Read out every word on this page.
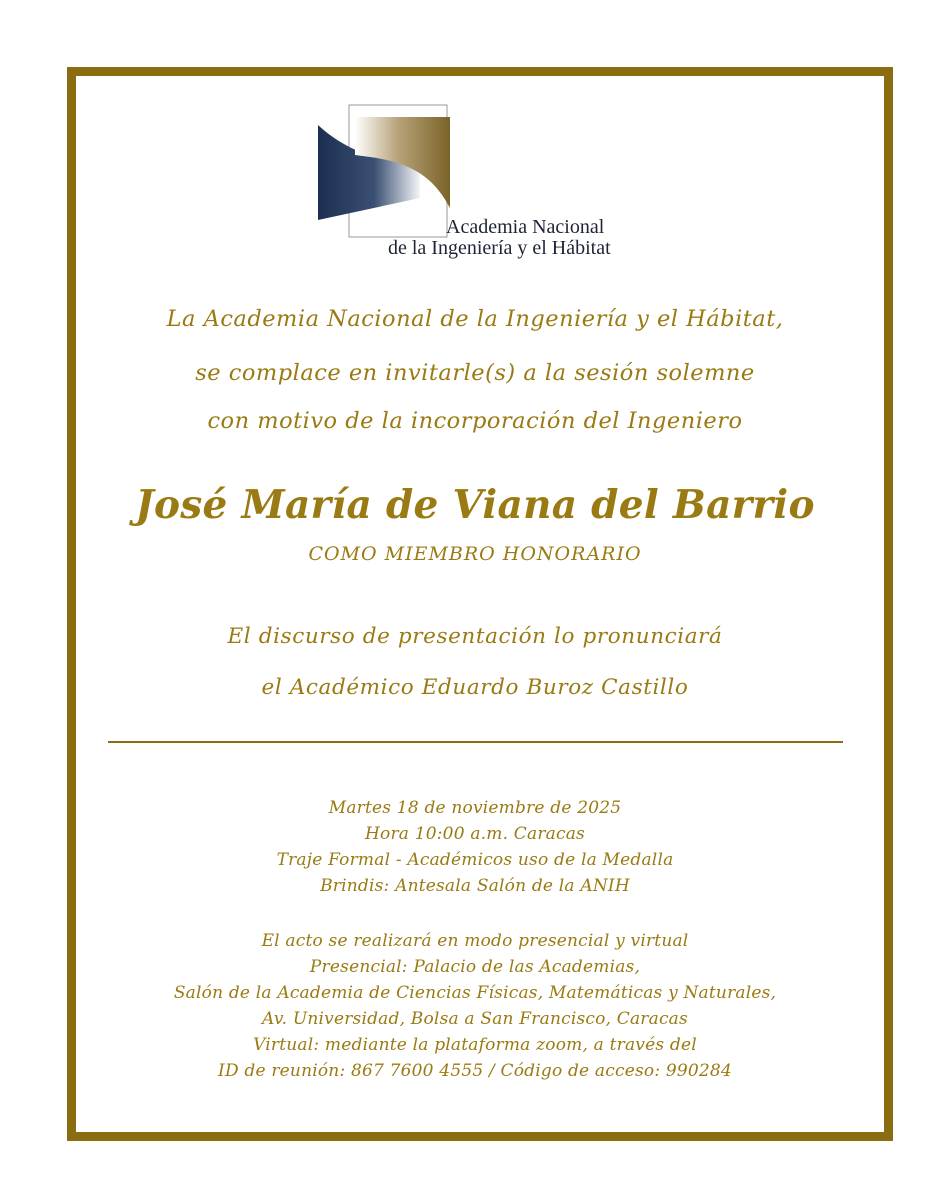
Academia Nacional
de la Ingeniería y el Hábitat
La Academia Nacional de la Ingeniería y el Hábitat,
se complace en invitarle(s) a la sesión solemne
con motivo de la incorporación del Ingeniero
José María de Viana del Barrio
COMO MIEMBRO HONORARIO
El discurso de presentación lo pronunciará
el Académico Eduardo Buroz Castillo
Martes 18 de noviembre de 2025
Hora 10:00 a.m. Caracas
Traje Formal - Académicos uso de la Medalla
Brindis: Antesala Salón de la ANIH
El acto se realizará en modo presencial y virtual
Presencial: Palacio de las Academias,
Salón de la Academia de Ciencias Físicas, Matemáticas y Naturales,
Av. Universidad, Bolsa a San Francisco, Caracas
Virtual: mediante la plataforma zoom, a través del
ID de reunión: 867 7600 4555 / Código de acceso: 990284
